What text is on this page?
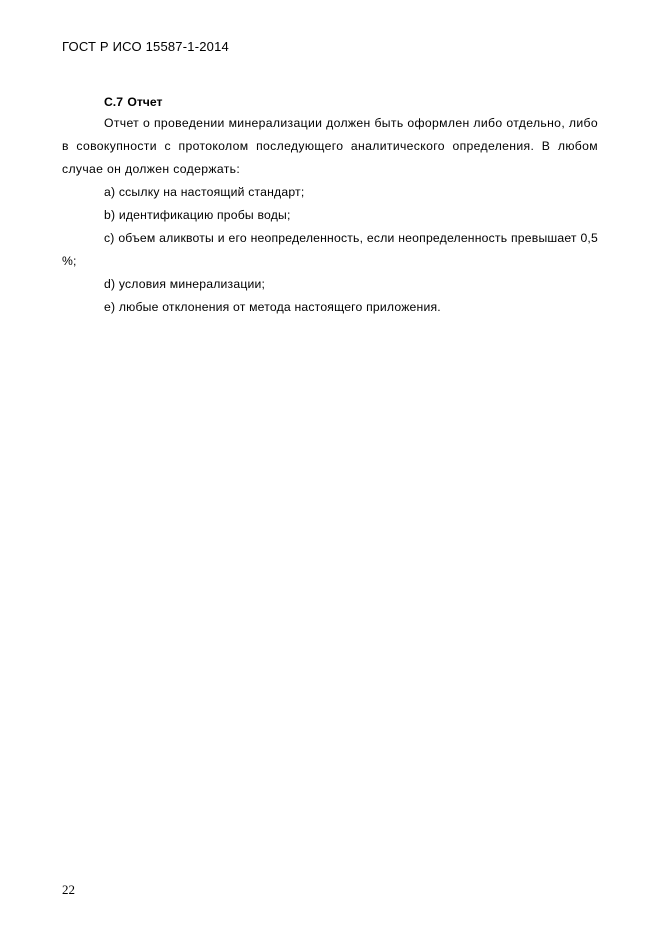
ГОСТ Р ИСО 15587-1-2014
С.7 Отчет

Отчет о проведении минерализации должен быть оформлен либо отдельно, либо в совокупности с протоколом последующего аналитического определения. В любом случае он должен содержать:

a) ссылку на настоящий стандарт;

b) идентификацию пробы воды;

c) объем аликвоты и его неопределенность, если неопределенность превышает 0,5 %;

d) условия минерализации;

e) любые отклонения от метода настоящего приложения.

22
